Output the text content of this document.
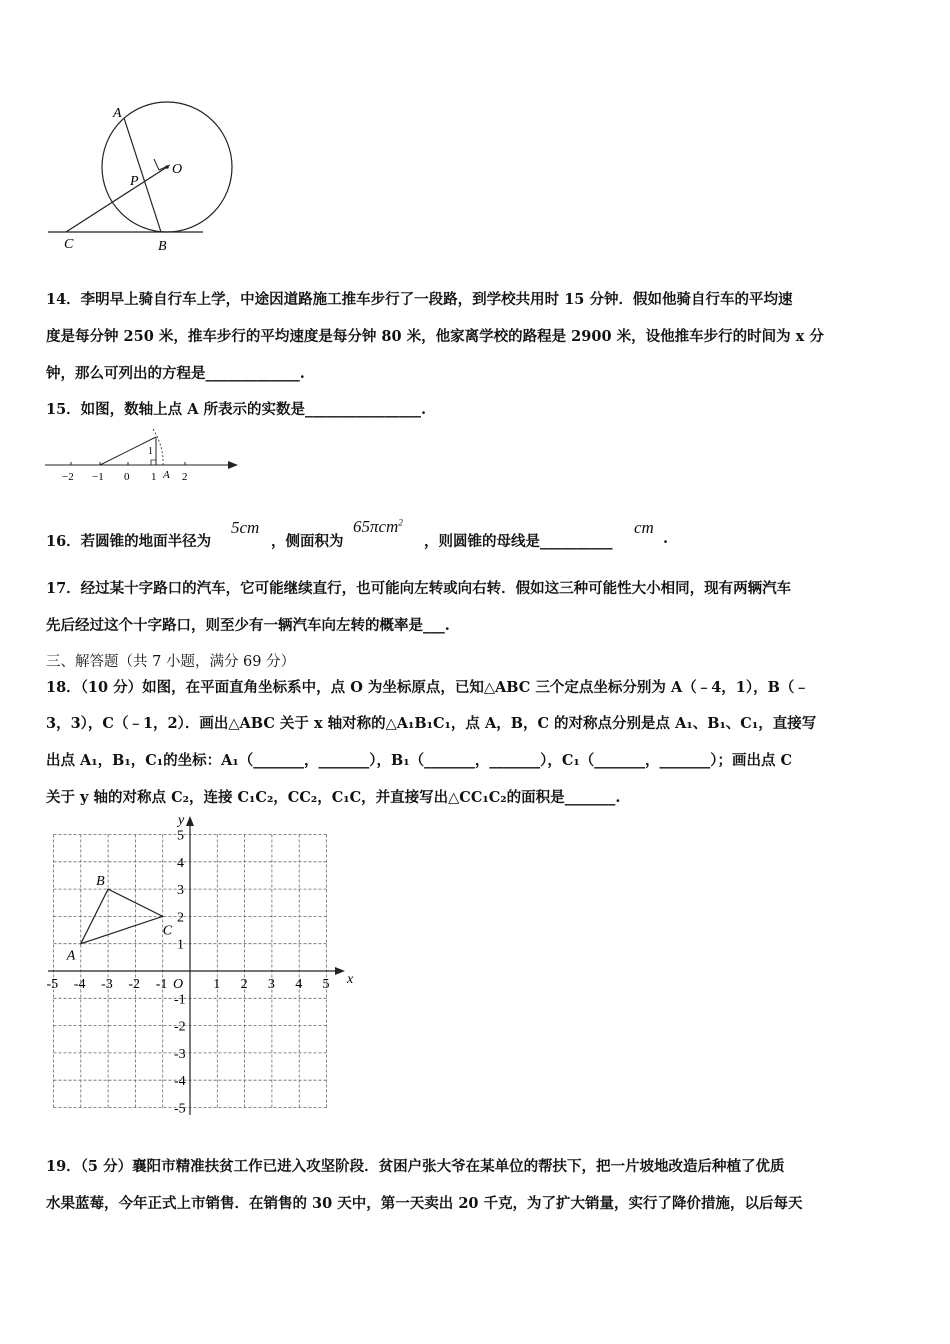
A
O
P
C	B
14．李明早上骑自行车上学，中途因道路施工推车步行了一段路，到学校共用时 15 分钟．假如他骑自行车的平均速
度是每分钟 250 米，推车步行的平均速度是每分钟 80 米，他家离学校的路程是 2900 米，设他推车步行的时间为 x 分
钟，那么可列出的方程是_____________.
15．如图，数轴上点 A 所表示的实数是________________.
−2 −1 0 1 A 2
1
16．若圆锥的地面半径为
5cm
，侧面积为
65πcm$^2$
，则圆锥的母线是__________
cm
.
17．经过某十字路口的汽车，它可能继续直行，也可能向左转或向右转．假如这三种可能性大小相同，现有两辆汽车
先后经过这个十字路口，则至少有一辆汽车向左转的概率是___.
三、解答题（共 7 小题，满分 69 分）
18．（10 分）如图，在平面直角坐标系中，点 O 为坐标原点，已知△ABC 三个定点坐标分别为 A（﹣4，1），B（﹣
3，3），C（﹣1，2）．画出△ABC 关于 x 轴对称的△A₁B₁C₁，点 A，B，C 的对称点分别是点 A₁、B₁、C₁，直接写
出点 A₁，B₁，C₁的坐标：A₁（_______，_______），B₁（_______，_______），C₁（_______，_______）；画出点 C
关于 y 轴的对称点 C₂，连接 C₁C₂，CC₂，C₁C，并直接写出△CC₁C₂的面积是_______.
x
y
O
-5 -4 -3 -2 -1	1 2 3 4 5
5
4
3
2
1
-1
-2
-3
-4
-5
A
B
C
19．（5 分）襄阳市精准扶贫工作已进入攻坚阶段．贫困户张大爷在某单位的帮扶下，把一片坡地改造后种植了优质
水果蓝莓，今年正式上市销售．在销售的 30 天中，第一天卖出 20 千克，为了扩大销量，实行了降价措施，以后每天
